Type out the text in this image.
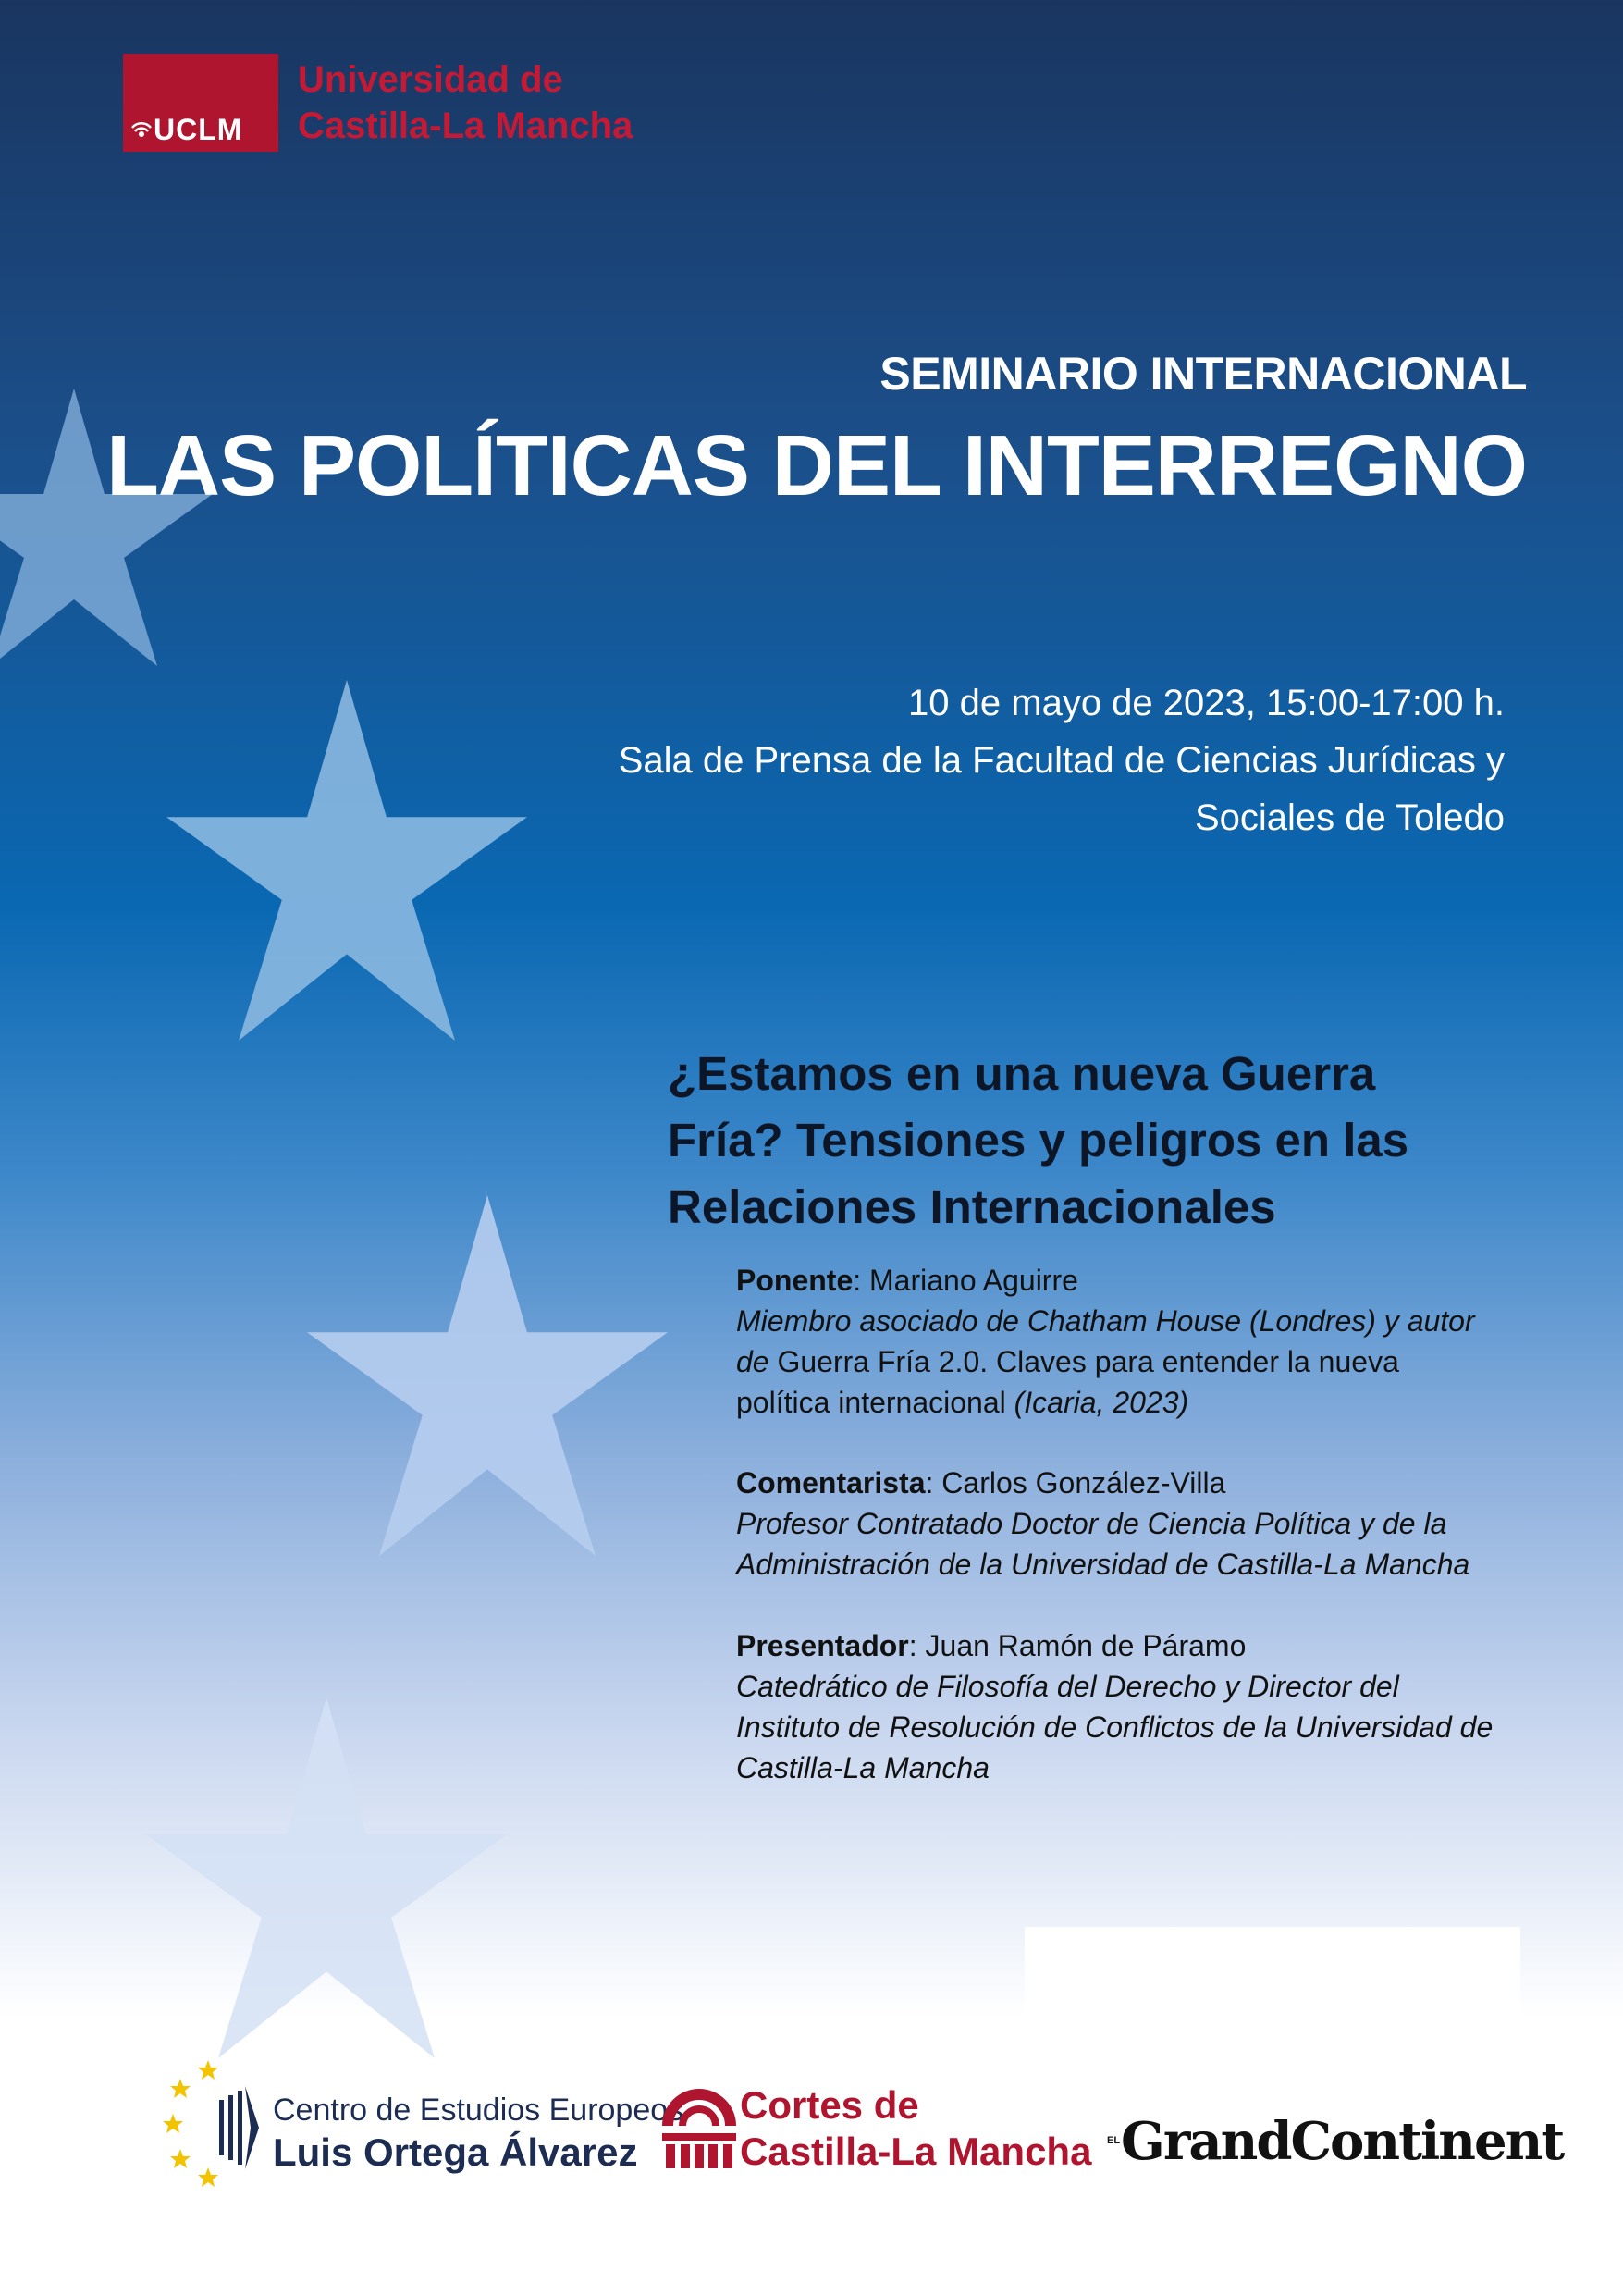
UCLM
Universidad de
Castilla-La Mancha
SEMINARIO INTERNACIONAL
LAS POLÍTICAS DEL INTERREGNO
10 de mayo de 2023, 15:00-17:00 h.
Sala de Prensa de la Facultad de Ciencias Jurídicas y
Sociales de Toledo
¿Estamos en una nueva Guerra
Fría? Tensiones y peligros en las
Relaciones Internacionales
Ponente: Mariano Aguirre
Miembro asociado de Chatham House (Londres) y autor
de Guerra Fría 2.0. Claves para entender la nueva
política internacional (Icaria, 2023)
Comentarista: Carlos González-Villa
Profesor Contratado Doctor de Ciencia Política y de la
Administración de la Universidad de Castilla-La Mancha
Presentador: Juan Ramón de Páramo
Catedrático de Filosofía del Derecho y Director del
Instituto de Resolución de Conflictos de la Universidad de
Castilla-La Mancha
Centro de Estudios Europeos
Luis Ortega Álvarez
Cortes de
Castilla-La Mancha EL GrandContinent
